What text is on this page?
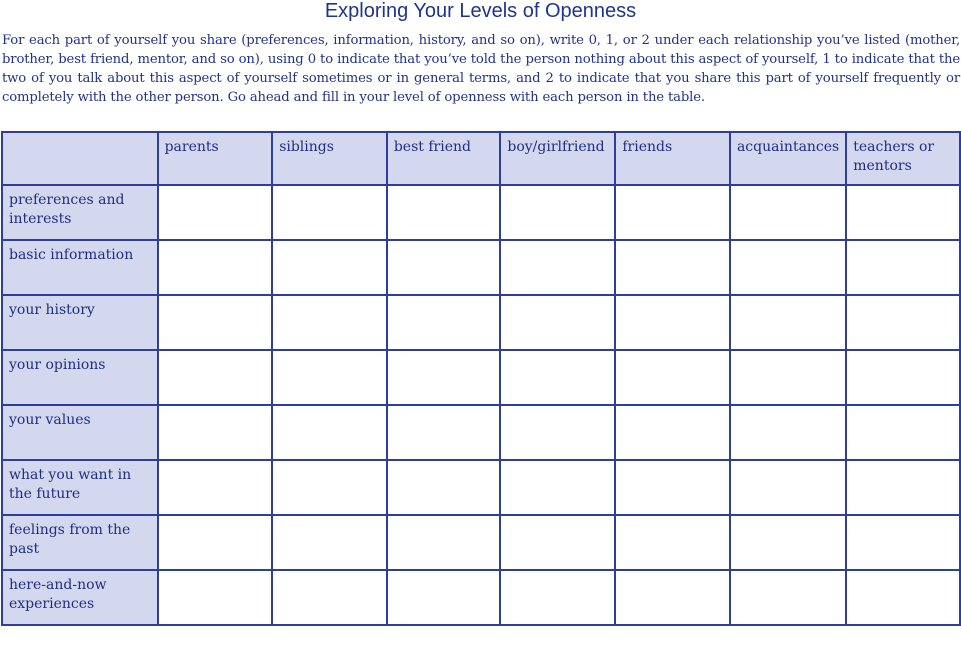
Exploring Your Levels of Openness
For each part of yourself you share (preferences, information, history, and so on), write 0, 1, or 2 under each relationship you’ve listed (mother, brother, best friend, mentor, and so on), using 0 to indicate that you’ve told the person nothing about this aspect of yourself, 1 to indicate that the two of you talk about this aspect of yourself sometimes or in general terms, and 2 to indicate that you share this part of yourself frequently or completely with the other person. Go ahead and fill in your level of openness with each person in the table.

	parents	siblings	best friend	boy/girlfriend	friends	acquaintances	teachers or mentors

preferences and interests							

basic information							

your history							

your opinions							

your values							

what you want in the future							

feelings from the past							

here-and-now experiences							
